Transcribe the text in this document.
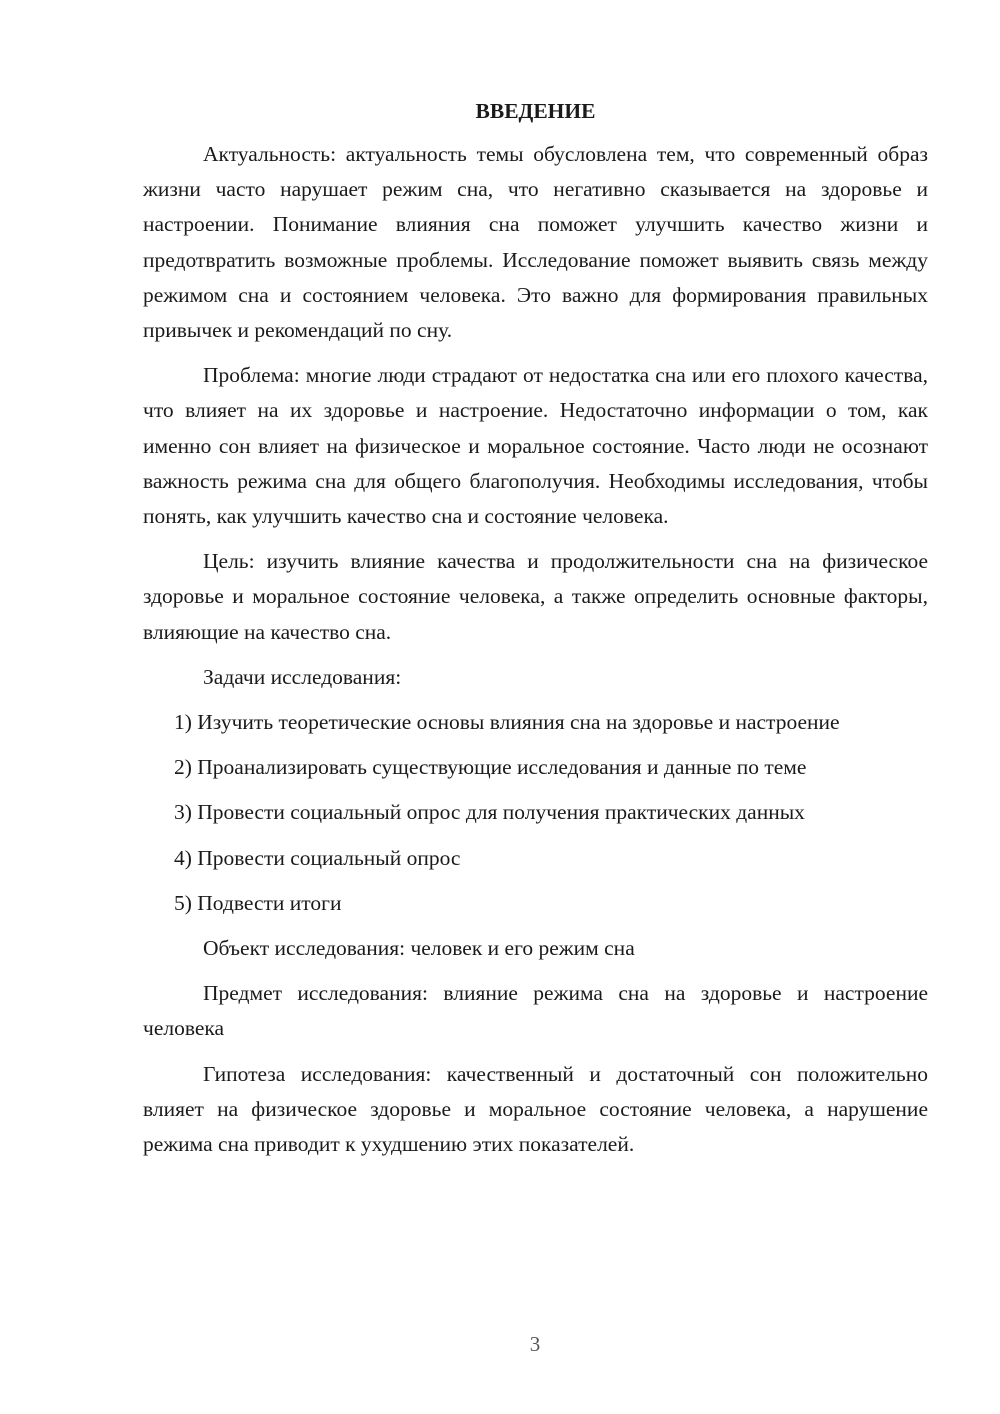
ВВЕДЕНИЕ

Актуальность: актуальность темы обусловлена тем, что современный образ жизни часто нарушает режим сна, что негативно сказывается на здоровье и настроении. Понимание влияния сна поможет улучшить качество жизни и предотвратить возможные проблемы. Исследование поможет выявить связь между режимом сна и состоянием человека. Это важно для формирования правильных привычек и рекомендаций по сну.

Проблема: многие люди страдают от недостатка сна или его плохого качества, что влияет на их здоровье и настроение. Недостаточно информации о том, как именно сон влияет на физическое и моральное состояние. Часто люди не осознают важность режима сна для общего благополучия. Необходимы исследования, чтобы понять, как улучшить качество сна и состояние человека.

Цель: изучить влияние качества и продолжительности сна на физическое здоровье и моральное состояние человека, а также определить основные факторы, влияющие на качество сна.

Задачи исследования:

1) Изучить теоретические основы влияния сна на здоровье и настроение

2) Проанализировать существующие исследования и данные по теме

3) Провести социальный опрос для получения практических данных

4) Провести социальный опрос

5) Подвести итоги

Объект исследования: человек и его режим сна

Предмет исследования: влияние режима сна на здоровье и настроение человека

Гипотеза исследования: качественный и достаточный сон положительно влияет на физическое здоровье и моральное состояние человека, а нарушение режима сна приводит к ухудшению этих показателей.

3
